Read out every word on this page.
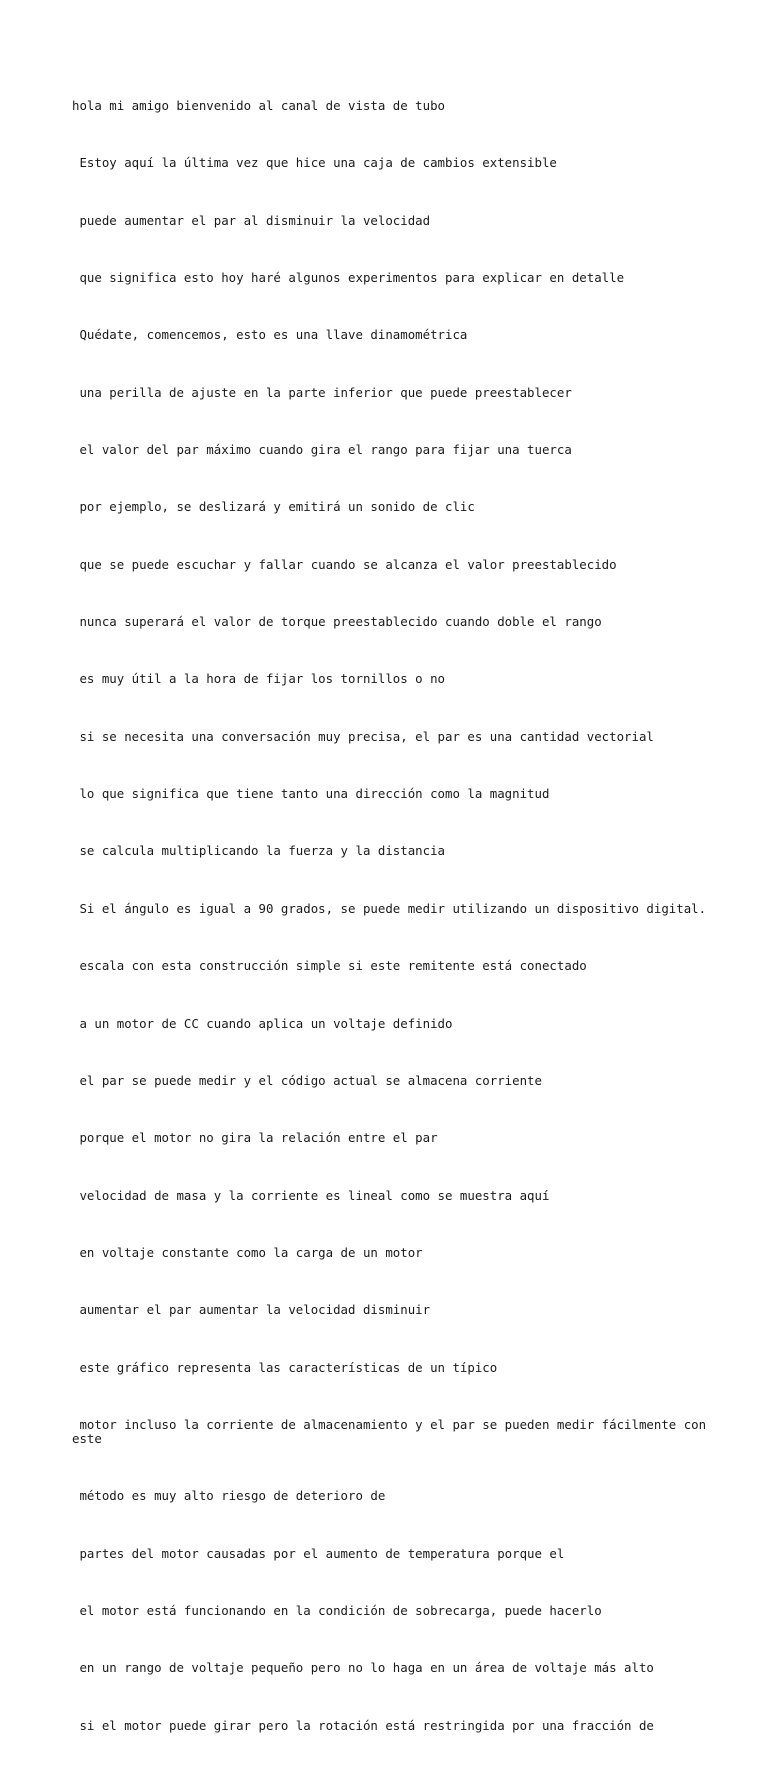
hola mi amigo bienvenido al canal de vista de tubo

Estoy aquí la última vez que hice una caja de cambios extensible

puede aumentar el par al disminuir la velocidad

que significa esto hoy haré algunos experimentos para explicar en detalle

Quédate, comencemos, esto es una llave dinamométrica

una perilla de ajuste en la parte inferior que puede preestablecer

el valor del par máximo cuando gira el rango para fijar una tuerca

por ejemplo, se deslizará y emitirá un sonido de clic

que se puede escuchar y fallar cuando se alcanza el valor preestablecido

nunca superará el valor de torque preestablecido cuando doble el rango

es muy útil a la hora de fijar los tornillos o no

si se necesita una conversación muy precisa, el par es una cantidad vectorial

lo que significa que tiene tanto una dirección como la magnitud

se calcula multiplicando la fuerza y la distancia

Si el ángulo es igual a 90 grados, se puede medir utilizando un dispositivo digital.

escala con esta construcción simple si este remitente está conectado

a un motor de CC cuando aplica un voltaje definido

el par se puede medir y el código actual se almacena corriente

porque el motor no gira la relación entre el par

velocidad de masa y la corriente es lineal como se muestra aquí

en voltaje constante como la carga de un motor

aumentar el par aumentar la velocidad disminuir

este gráfico representa las características de un típico

motor incluso la corriente de almacenamiento y el par se pueden medir fácilmente con este

método es muy alto riesgo de deterioro de

partes del motor causadas por el aumento de temperatura porque el

el motor está funcionando en la condición de sobrecarga, puede hacerlo

en un rango de voltaje pequeño pero no lo haga en un área de voltaje más alto

si el motor puede girar pero la rotación está restringida por una fracción de
